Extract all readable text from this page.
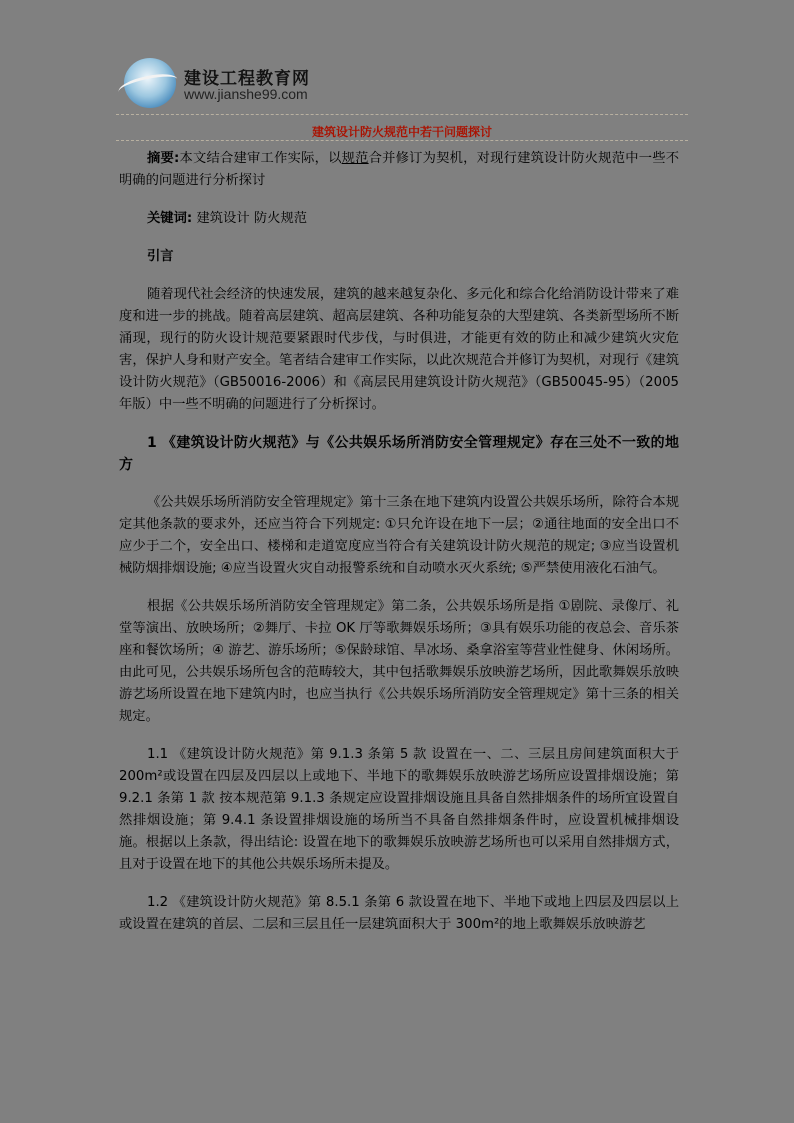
建设工程教育网
www.jianshe99.com
建筑设计防火规范中若干问题探讨

摘要:本文结合建审工作实际，以规范合并修订为契机，对现行建筑设计防火规范中一些不明确的问题进行分析探讨

关键词: 建筑设计 防火规范

引言

随着现代社会经济的快速发展，建筑的越来越复杂化、多元化和综合化给消防设计带来了难度和进一步的挑战。随着高层建筑、超高层建筑、各种功能复杂的大型建筑、各类新型场所不断涌现，现行的防火设计规范要紧跟时代步伐，与时俱进，才能更有效的防止和减少建筑火灾危害，保护人身和财产安全。笔者结合建审工作实际，以此次规范合并修订为契机，对现行《建筑设计防火规范》（GB50016-2006）和《高层民用建筑设计防火规范》（GB50045-95）（2005 年版）中一些不明确的问题进行了分析探讨。

1 《建筑设计防火规范》与《公共娱乐场所消防安全管理规定》存在三处不一致的地方

《公共娱乐场所消防安全管理规定》第十三条在地下建筑内设置公共娱乐场所，除符合本规定其他条款的要求外，还应当符合下列规定: ①只允许设在地下一层；②通往地面的安全出口不应少于二个，安全出口、楼梯和走道宽度应当符合有关建筑设计防火规范的规定; ③应当设置机械防烟排烟设施; ④应当设置火灾自动报警系统和自动喷水灭火系统; ⑤严禁使用液化石油气。

根据《公共娱乐场所消防安全管理规定》第二条，公共娱乐场所是指 ①剧院、录像厅、礼堂等演出、放映场所；②舞厅、卡拉 OK 厅等歌舞娱乐场所；③具有娱乐功能的夜总会、音乐茶座和餐饮场所；④ 游艺、游乐场所；⑤保龄球馆、旱冰场、桑拿浴室等营业性健身、休闲场所。由此可见，公共娱乐场所包含的范畴较大，其中包括歌舞娱乐放映游艺场所，因此歌舞娱乐放映游艺场所设置在地下建筑内时，也应当执行《公共娱乐场所消防安全管理规定》第十三条的相关规定。

1.1 《建筑设计防火规范》第 9.1.3 条第 5 款 设置在一、二、三层且房间建筑面积大于 200m²或设置在四层及四层以上或地下、半地下的歌舞娱乐放映游艺场所应设置排烟设施；第 9.2.1 条第 1 款 按本规范第 9.1.3 条规定应设置排烟设施且具备自然排烟条件的场所宜设置自然排烟设施；第 9.4.1 条设置排烟设施的场所当不具备自然排烟条件时，应设置机械排烟设施。根据以上条款，得出结论: 设置在地下的歌舞娱乐放映游艺场所也可以采用自然排烟方式，且对于设置在地下的其他公共娱乐场所未提及。

1.2 《建筑设计防火规范》第 8.5.1 条第 6 款设置在地下、半地下或地上四层及四层以上或设置在建筑的首层、二层和三层且任一层建筑面积大于 300m²的地上歌舞娱乐放映游艺
